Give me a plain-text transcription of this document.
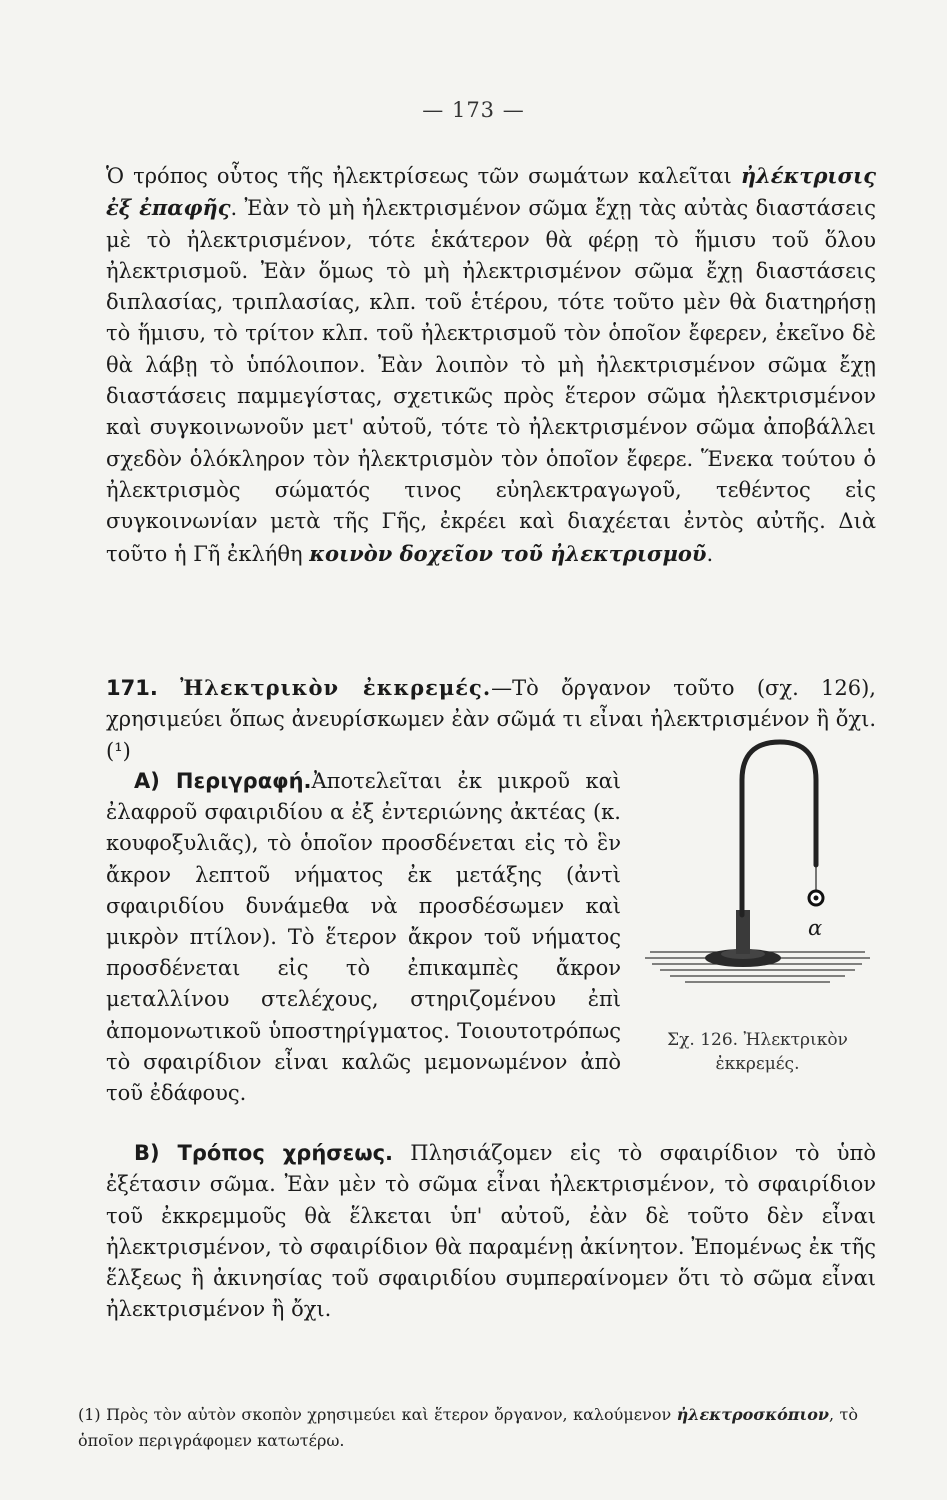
— 173 —

Ὁ τρόπος οὗτος τῆς ἠλεκτρίσεως τῶν σωμάτων καλεῖται ἠλέκτρισις ἐξ ἐπαφῆς. Ἐὰν τὸ μὴ ἠλεκτρισμένον σῶμα ἔχῃ τὰς αὐτὰς διαστάσεις μὲ τὸ ἠλεκτρισμένον, τότε ἑκάτερον θὰ φέρῃ τὸ ἥμισυ τοῦ ὅλου ἠλεκτρισμοῦ. Ἐὰν ὅμως τὸ μὴ ἠλεκτρισμένον σῶμα ἔχῃ διαστάσεις διπλασίας, τριπλασίας, κλπ. τοῦ ἑτέρου, τότε τοῦτο μὲν θὰ διατηρήσῃ τὸ ἥμισυ, τὸ τρίτον κλπ. τοῦ ἠλεκτρισμοῦ τὸν ὁποῖον ἔφερεν, ἐκεῖνο δὲ θὰ λάβῃ τὸ ὑπόλοιπον. Ἐὰν λοιπὸν τὸ μὴ ἠλεκτρισμένον σῶμα ἔχῃ διαστάσεις παμμεγίστας, σχετικῶς πρὸς ἕτερον σῶμα ἠλεκτρισμένον καὶ συγκοινωνοῦν μετ' αὐτοῦ, τότε τὸ ἠλεκτρισμένον σῶμα ἀποβάλλει σχεδὸν ὁλόκληρον τὸν ἠλεκτρισμὸν τὸν ὁποῖον ἔφερε. Ἕνεκα τούτου ὁ ἠλεκτρισμὸς σώματός τινος εὐηλεκτραγωγοῦ, τεθέντος εἰς συγκοινωνίαν μετὰ τῆς Γῆς, ἐκρέει καὶ διαχέεται ἐντὸς αὐτῆς. Διὰ τοῦτο ἡ Γῆ ἐκλήθη κοινὸν δοχεῖον τοῦ ἠλεκτρισμοῦ.

171. Ἠλεκτρικὸν ἐκκρεμές.—Τὸ ὄργανον τοῦτο (σχ. 126), χρησιμεύει ὅπως ἀνευρίσκωμεν ἐὰν σῶμά τι εἶναι ἠλεκτρισμένον ἢ ὄχι.(¹)

Α) Περιγραφή.Ἀποτελεῖται ἐκ μικροῦ καὶ ἐλαφροῦ σφαιριδίου α ἐξ ἐντεριώνης ἀκτέας (κ. κουφοξυλιᾶς), τὸ ὁποῖον προσδένεται εἰς τὸ ἓν ἄκρον λεπτοῦ νήματος ἐκ μετάξης (ἀντὶ σφαιριδίου δυνάμεθα νὰ προσδέσωμεν καὶ μικρὸν πτίλον). Τὸ ἕτερον ἄκρον τοῦ νήματος προσδένεται εἰς τὸ ἐπικαμπὲς ἄκρον μεταλλίνου στελέχους, στηριζομένου ἐπὶ ἀπομονωτικοῦ ὑποστηρίγματος. Τοιουτοτρόπως τὸ σφαιρίδιον εἶναι καλῶς μεμονωμένον ἀπὸ τοῦ ἐδάφους.

α
Σχ. 126. Ἠλεκτρικὸν ἐκκρεμές.

Β) Τρόπος χρήσεως. Πλησιάζομεν εἰς τὸ σφαιρίδιον τὸ ὑπὸ ἐξέτασιν σῶμα. Ἐὰν μὲν τὸ σῶμα εἶναι ἠλεκτρισμένον, τὸ σφαιρίδιον τοῦ ἐκκρεμμοῦς θὰ ἕλκεται ὑπ' αὐτοῦ, ἐὰν δὲ τοῦτο δὲν εἶναι ἠλεκτρισμένον, τὸ σφαιρίδιον θὰ παραμένῃ ἀκίνητον. Ἐπομένως ἐκ τῆς ἕλξεως ἢ ἀκινησίας τοῦ σφαιριδίου συμπεραίνομεν ὅτι τὸ σῶμα εἶναι ἠλεκτρισμένον ἢ ὄχι.

(1) Πρὸς τὸν αὐτὸν σκοπὸν χρησιμεύει καὶ ἕτερον ὄργανον, καλούμενον ἠλεκτροσκόπιον, τὸ ὁποῖον περιγράφομεν κατωτέρω.
